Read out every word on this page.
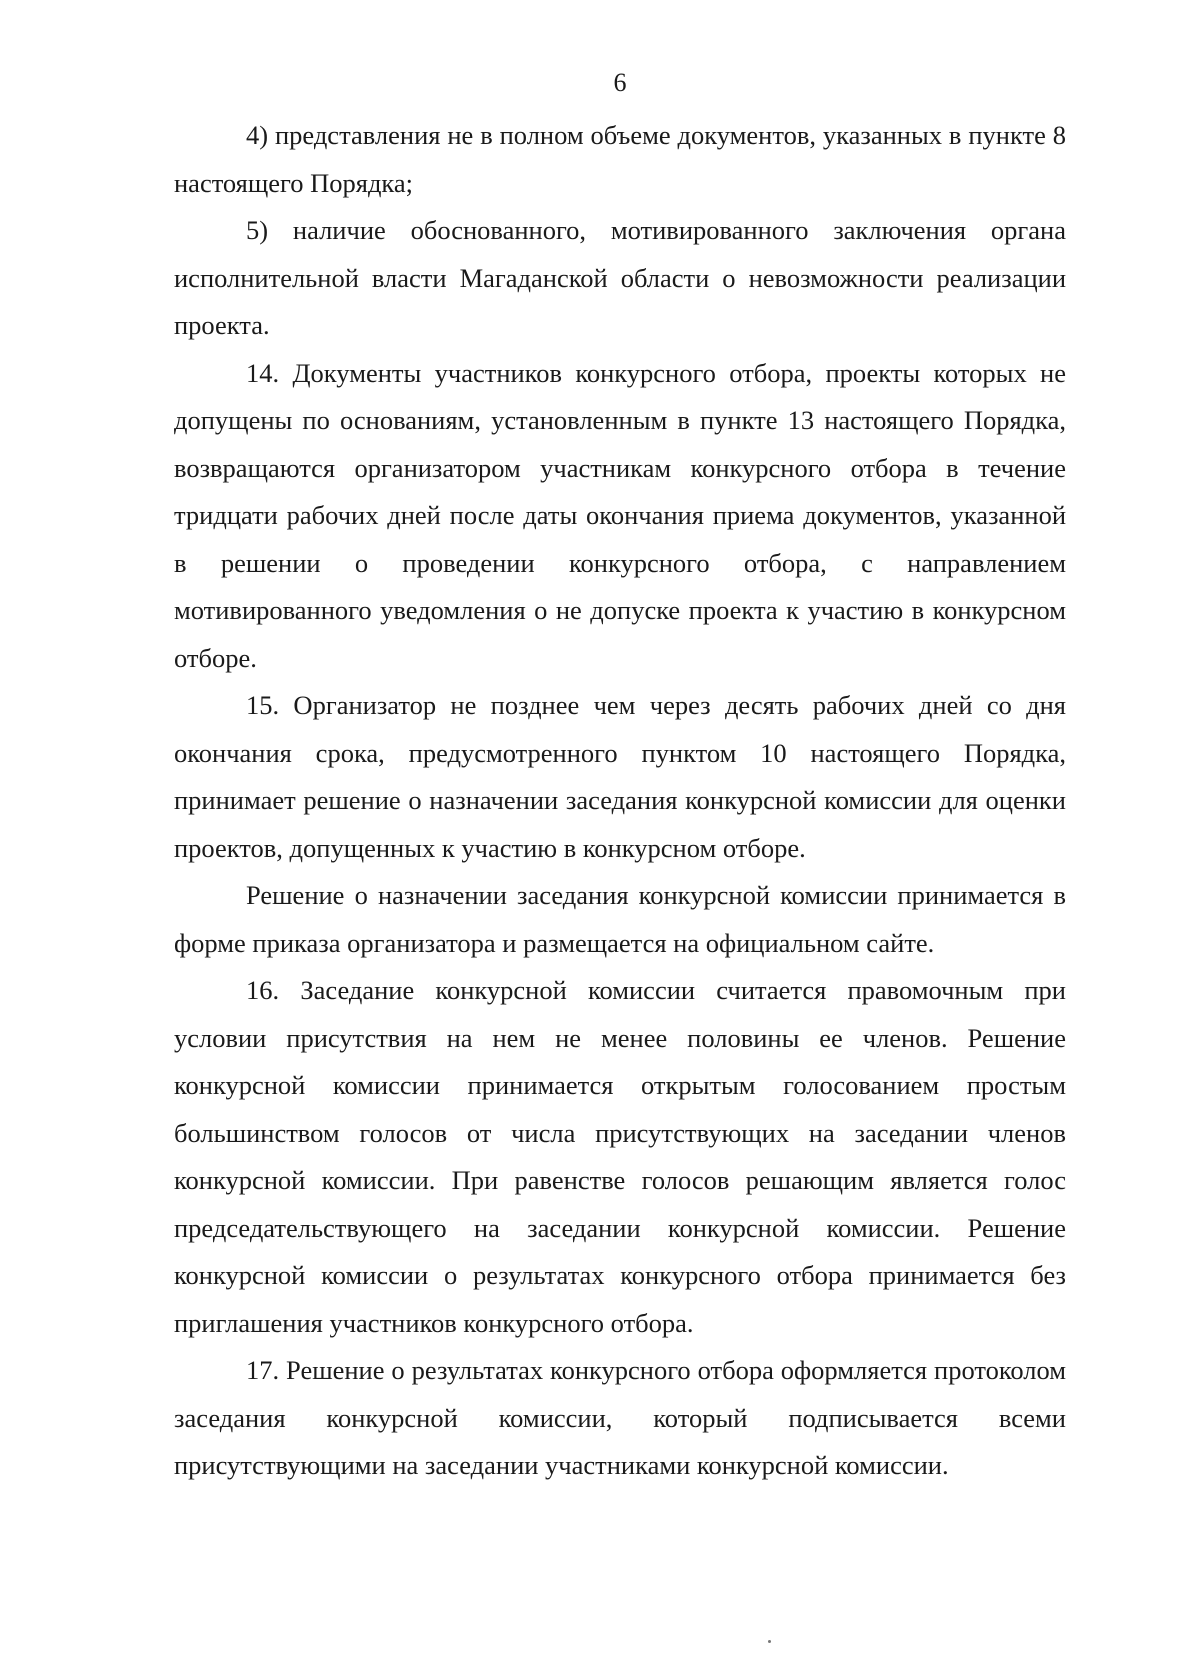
6

4) представления не в полном объеме документов, указанных в пункте 8 настоящего Порядка;

5) наличие обоснованного, мотивированного заключения органа исполнительной власти Магаданской области о невозможности реализации проекта.

14. Документы участников конкурсного отбора, проекты которых не допущены по основаниям, установленным в пункте 13 настоящего Порядка, возвращаются организатором участникам конкурсного отбора в течение тридцати рабочих дней после даты окончания приема документов, указанной в решении о проведении конкурсного отбора, с направлением мотивированного уведомления о не допуске проекта к участию в конкурсном отборе.

15. Организатор не позднее чем через десять рабочих дней со дня окончания срока, предусмотренного пунктом 10 настоящего Порядка, принимает решение о назначении заседания конкурсной комиссии для оценки проектов, допущенных к участию в конкурсном отборе.

Решение о назначении заседания конкурсной комиссии принимается в форме приказа организатора и размещается на официальном сайте.

16. Заседание конкурсной комиссии считается правомочным при условии присутствия на нем не менее половины ее членов. Решение конкурсной комиссии принимается открытым голосованием простым большинством голосов от числа присутствующих на заседании членов конкурсной комиссии. При равенстве голосов решающим является голос председательствующего на заседании конкурсной комиссии. Решение конкурсной комиссии о результатах конкурсного отбора принимается без приглашения участников конкурсного отбора.

17. Решение о результатах конкурсного отбора оформляется протоколом заседания конкурсной комиссии, который подписывается всеми присутствующими на заседании участниками конкурсной комиссии.
